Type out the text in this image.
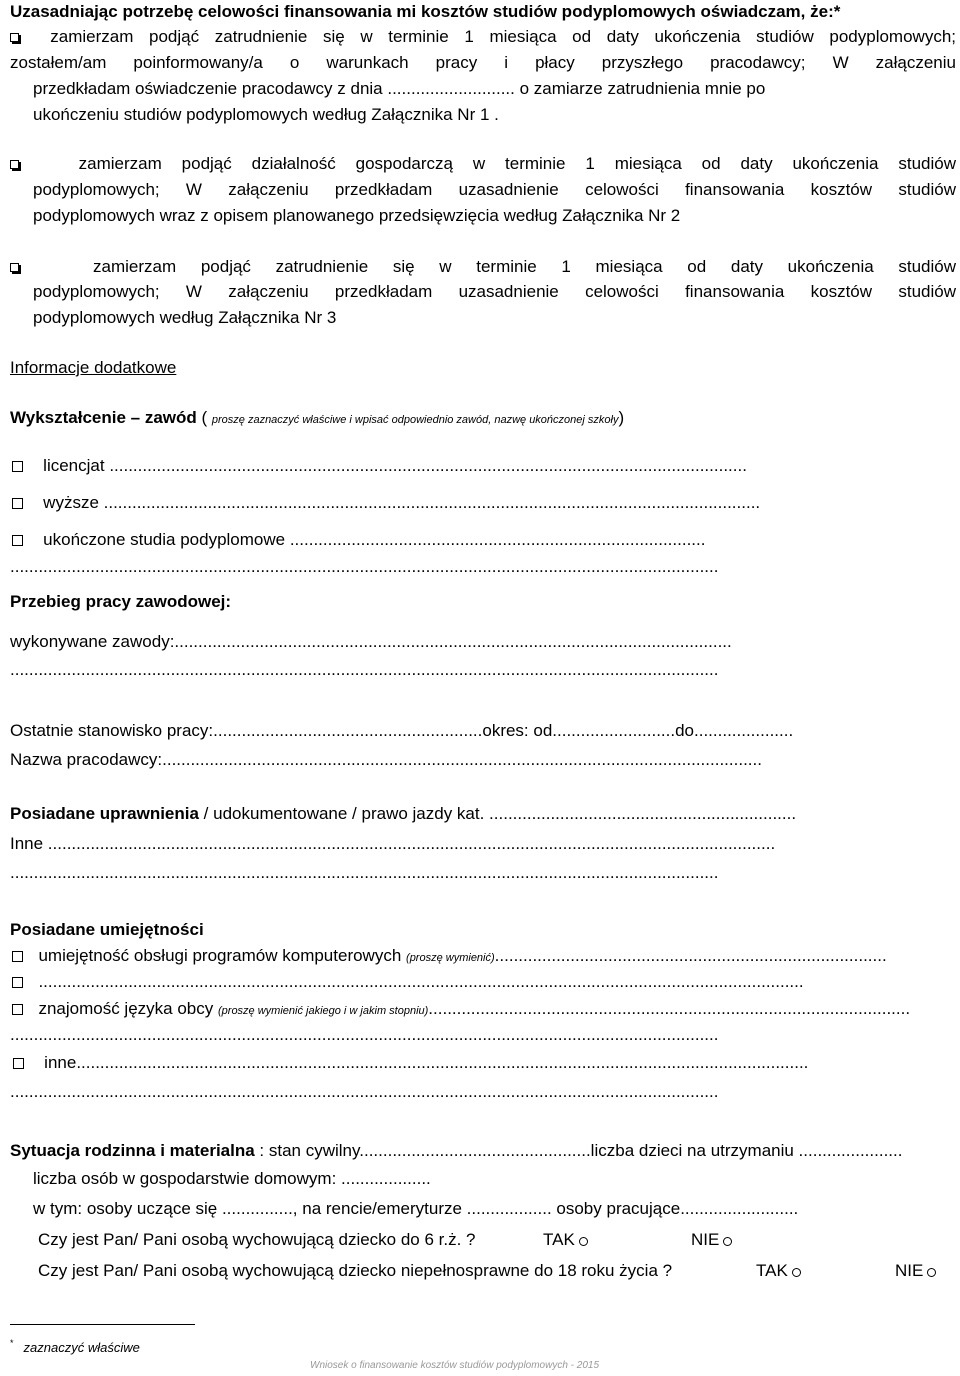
Uzasadniając potrzebę celowości finansowania mi kosztów studiów podyplomowych oświadczam, że:*
zamierzam podjąć zatrudnienie się w terminie 1 miesiąca od daty ukończenia studiów podyplomowych;
zostałem/am poinformowany/a o warunkach pracy i płacy przyszłego pracodawcy; W załączeniu
przedkładam oświadczenie pracodawcy z dnia ........................... o zamiarze zatrudnienia mnie po
ukończeniu studiów podyplomowych według Załącznika Nr 1 .
zamierzam podjąć działalność gospodarczą w terminie 1 miesiąca od daty ukończenia studiów
podyplomowych; W załączeniu przedkładam uzasadnienie celowości finansowania kosztów studiów
podyplomowych wraz z opisem planowanego przedsięwzięcia według Załącznika Nr 2
zamierzam podjąć zatrudnienie się w terminie 1 miesiąca od daty ukończenia studiów
podyplomowych; W załączeniu przedkładam uzasadnienie celowości finansowania kosztów studiów
podyplomowych według Załącznika Nr 3
Informacje dodatkowe
Wykształcenie – zawód ( proszę zaznaczyć właściwe i wpisać odpowiednio zawód, nazwę ukończonej szkoły)
licencjat .......................................................................................................................................
wyższe ...........................................................................................................................................
ukończone studia podyplomowe ........................................................................................
......................................................................................................................................................
Przebieg pracy zawodowej:
wykonywane zawody:......................................................................................................................
......................................................................................................................................................
Ostatnie stanowisko pracy:.........................................................okres: od..........................do.....................
Nazwa pracodawcy:...............................................................................................................................
Posiadane uprawnienia / udokumentowane / prawo jazdy kat. .................................................................
Inne ..........................................................................................................................................................
......................................................................................................................................................
Posiadane umiejętności
umiejętność obsługi programów komputerowych (proszę wymienić)...................................................................................
..................................................................................................................................................................
znajomość języka obcy (proszę wymienić jakiego i w jakim stopniu)......................................................................................................
......................................................................................................................................................
inne...........................................................................................................................................................
......................................................................................................................................................
Sytuacja rodzinna i materialna : stan cywilny.................................................liczba dzieci na utrzymaniu ......................
liczba osób w gospodarstwie domowym: ...................
w tym: osoby uczące się ..............., na rencie/emeryturze .................. osoby pracujące.........................
Czy jest Pan/ Pani osobą wychowującą dziecko do 6 r.ż. ?	TAK	NIE
Czy jest Pan/ Pani osobą wychowującą dziecko niepełnosprawne do 18 roku życia ?	TAK	NIE
* zaznaczyć właściwe
Wniosek o finansowanie kosztów studiów podyplomowych - 2015
